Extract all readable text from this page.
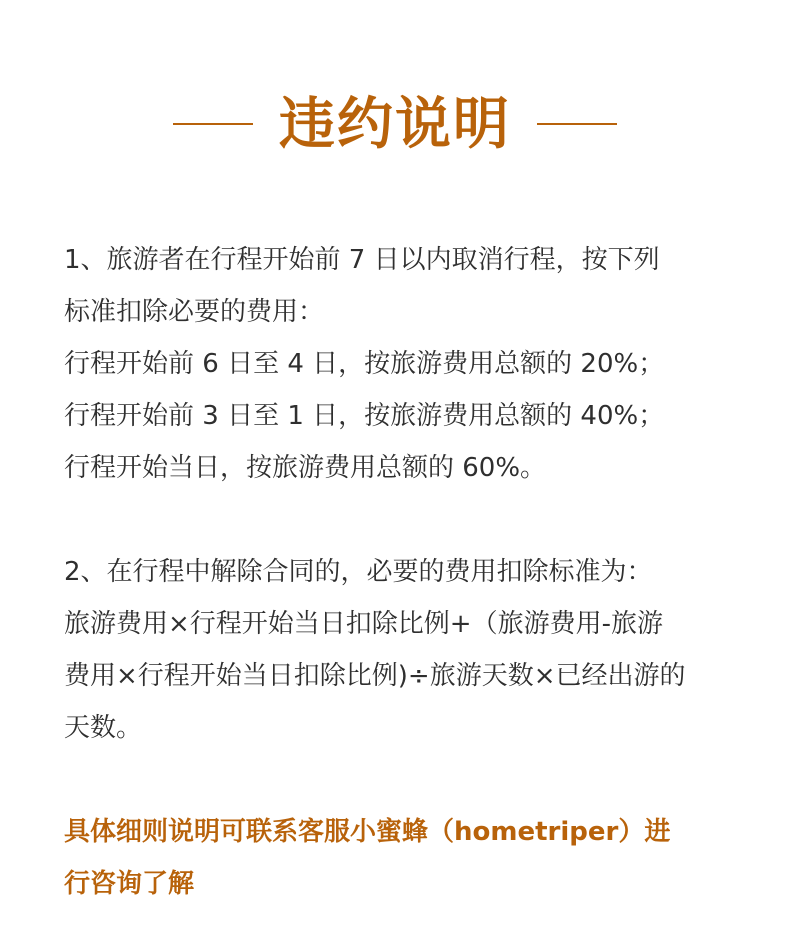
违约说明

1、旅游者在行程开始前 7 日以内取消行程，按下列
标准扣除必要的费用：
行程开始前 6 日至 4 日，按旅游费用总额的 20%；
行程开始前 3 日至 1 日，按旅游费用总额的 40%；
行程开始当日，按旅游费用总额的 60%。

2、在行程中解除合同的，必要的费用扣除标准为：
旅游费用×行程开始当日扣除比例+（旅游费用-旅游
费用×行程开始当日扣除比例)÷旅游天数×已经出游的
天数。

具体细则说明可联系客服小蜜蜂（hometriper）进
行咨询了解
